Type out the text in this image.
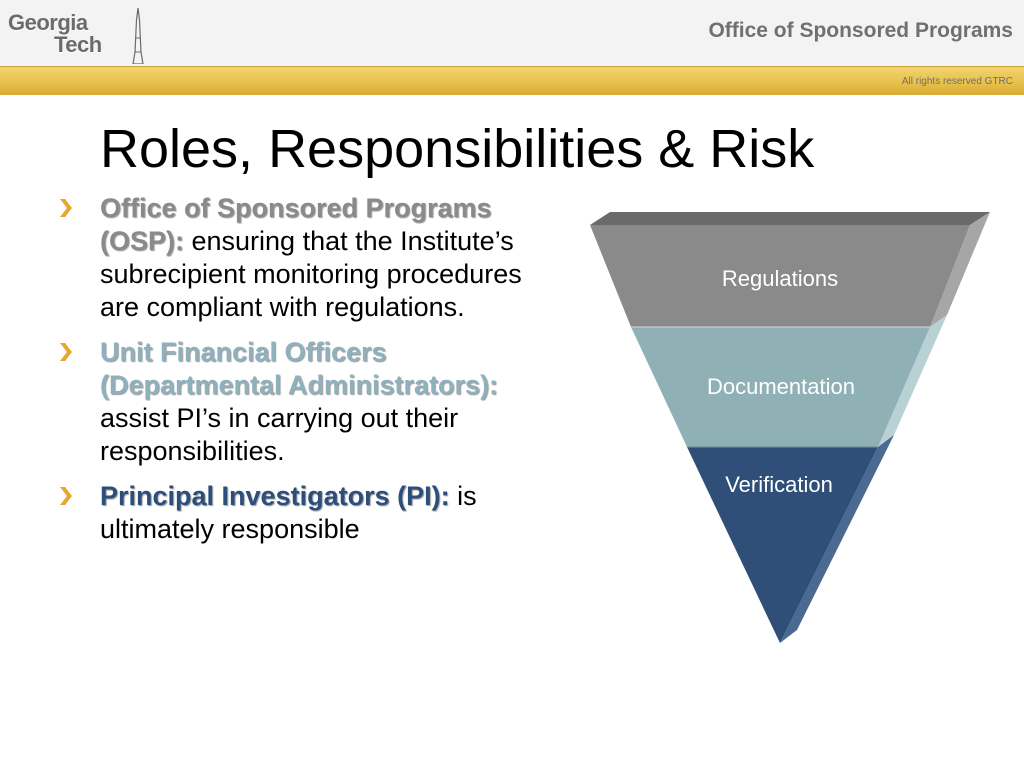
Georgia
Tech
Office of Sponsored Programs
All rights reserved GTRC
Roles, Responsibilities & Risk
Office of Sponsored Programs (OSP): ensuring that the Institute’s subrecipient monitoring procedures are compliant with regulations.
Unit Financial Officers (Departmental Administrators): assist PI’s in carrying out their responsibilities.
Principal Investigators (PI): is ultimately responsible
Regulations
Documentation
Verification
